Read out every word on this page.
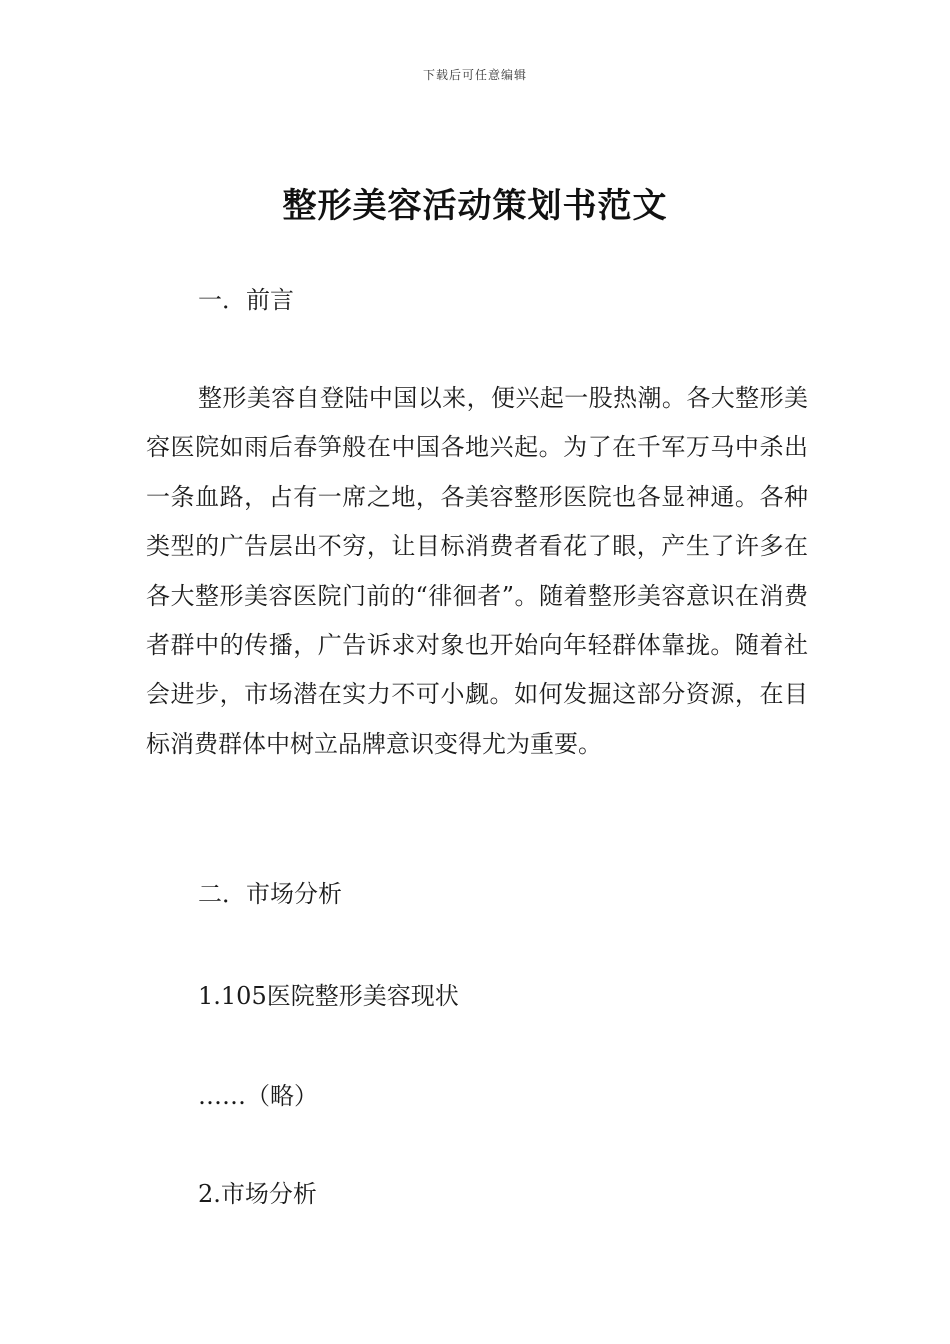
下载后可任意编辑
整形美容活动策划书范文
一．前言
整形美容自登陆中国以来，便兴起一股热潮。各大整形美容医院如雨后春笋般在中国各地兴起。为了在千军万马中杀出一条血路，占有一席之地，各美容整形医院也各显神通。各种类型的广告层出不穷，让目标消费者看花了眼，产生了许多在各大整形美容医院门前的“徘徊者”。随着整形美容意识在消费者群中的传播，广告诉求对象也开始向年轻群体靠拢。随着社会进步，市场潜在实力不可小觑。如何发掘这部分资源，在目标消费群体中树立品牌意识变得尤为重要。
二．市场分析
1.105医院整形美容现状
……（略）
2.市场分析
